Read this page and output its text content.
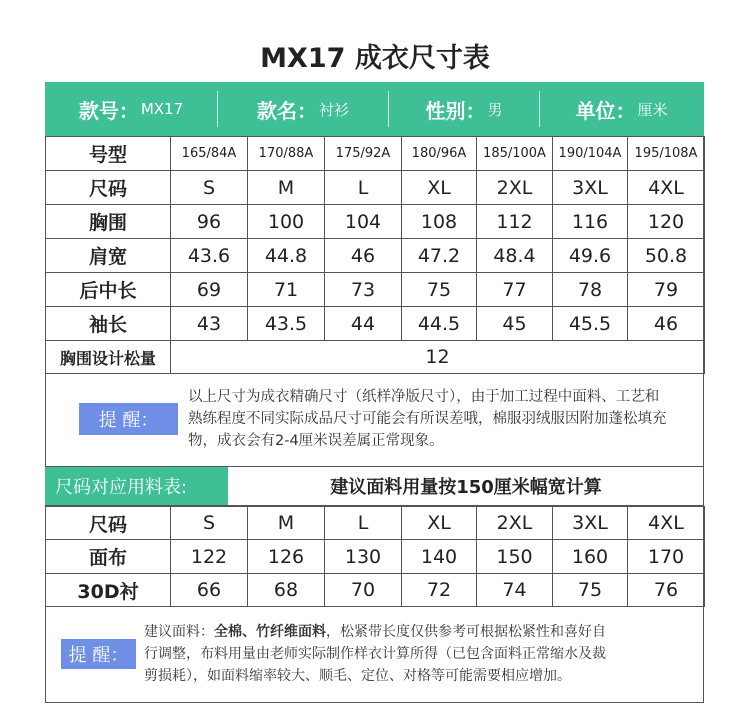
MX17 成衣尺寸表
款号： MX17	款名： 衬衫	性别： 男	单位： 厘米
号型	165/84A	170/88A	175/92A	180/96A	185/100A	190/104A	195/108A
尺码	S	M	L	XL	2XL	3XL	4XL
胸围	96	100	104	108	112	116	120
肩宽	43.6	44.8	46	47.2	48.4	49.6	50.8
后中长	69	71	73	75	77	78	79
袖长	43	43.5	44	44.5	45	45.5	46
胸围设计松量	12						
提 醒：
以上尺寸为成衣精确尺寸（纸样净版尺寸），由于加工过程中面料、工艺和
熟练程度不同实际成品尺寸可能会有所误差哦，棉服羽绒服因附加蓬松填充
物，成衣会有2-4厘米误差属正常现象。
尺码对应用料表:	建议面料用量按150厘米幅宽计算
尺码	S	M	L	XL	2XL	3XL	4XL
面布	122	126	130	140	150	160	170
30D衬	66	68	70	72	74	75	76
提 醒：
建议面料：全棉、竹纤维面料，松紧带长度仅供参考可根据松紧性和喜好自
行调整，布料用量由老师实际制作样衣计算所得（已包含面料正常缩水及裁
剪损耗），如面料缩率较大、顺毛、定位、对格等可能需要相应增加。
